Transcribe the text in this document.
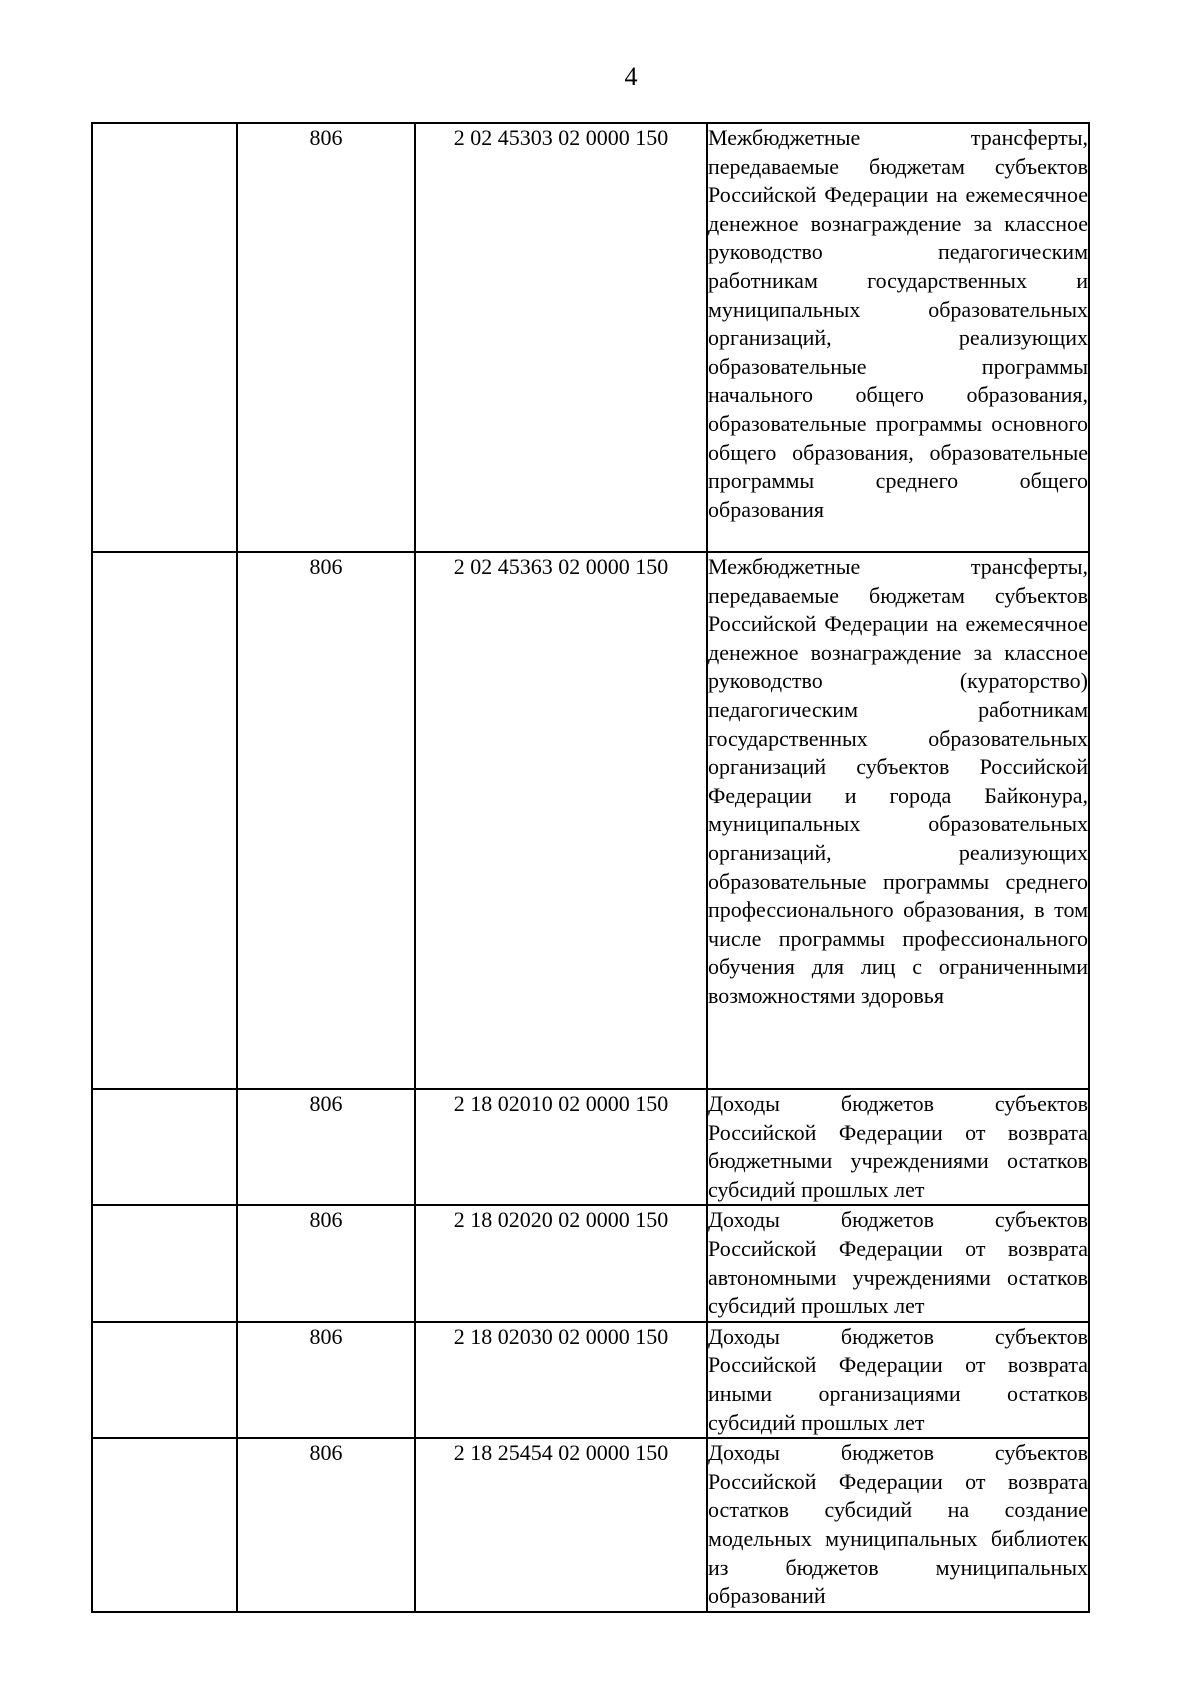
4
	806	2 02 45303 02 0000 150	Межбюджетные трансферты, передаваемые бюджетам субъектов Российской Федерации на ежемесячное денежное вознаграждение за классное руководство педагогическим работникам государственных и муниципальных образовательных организаций, реализующих образовательные программы начального общего образования, образовательные программы основного общего образования, образовательные программы среднего общего образования

	806	2 02 45363 02 0000 150	Межбюджетные трансферты, передаваемые бюджетам субъектов Российской Федерации на ежемесячное денежное вознаграждение за классное руководство (кураторство) педагогическим работникам государственных образовательных организаций субъектов Российской Федерации и города Байконура, муниципальных образовательных организаций, реализующих образовательные программы среднего профессионального образования, в том числе программы профессионального обучения для лиц с ограниченными возможностями здоровья

	806	2 18 02010 02 0000 150	Доходы бюджетов субъектов Российской Федерации от возврата бюджетными учреждениями остатков субсидий прошлых лет

	806	2 18 02020 02 0000 150	Доходы бюджетов субъектов Российской Федерации от возврата автономными учреждениями остатков субсидий прошлых лет

	806	2 18 02030 02 0000 150	Доходы бюджетов субъектов Российской Федерации от возврата иными организациями остатков субсидий прошлых лет

	806	2 18 25454 02 0000 150	Доходы бюджетов субъектов Российской Федерации от возврата остатков субсидий на создание модельных муниципальных библиотек из бюджетов муниципальных образований
